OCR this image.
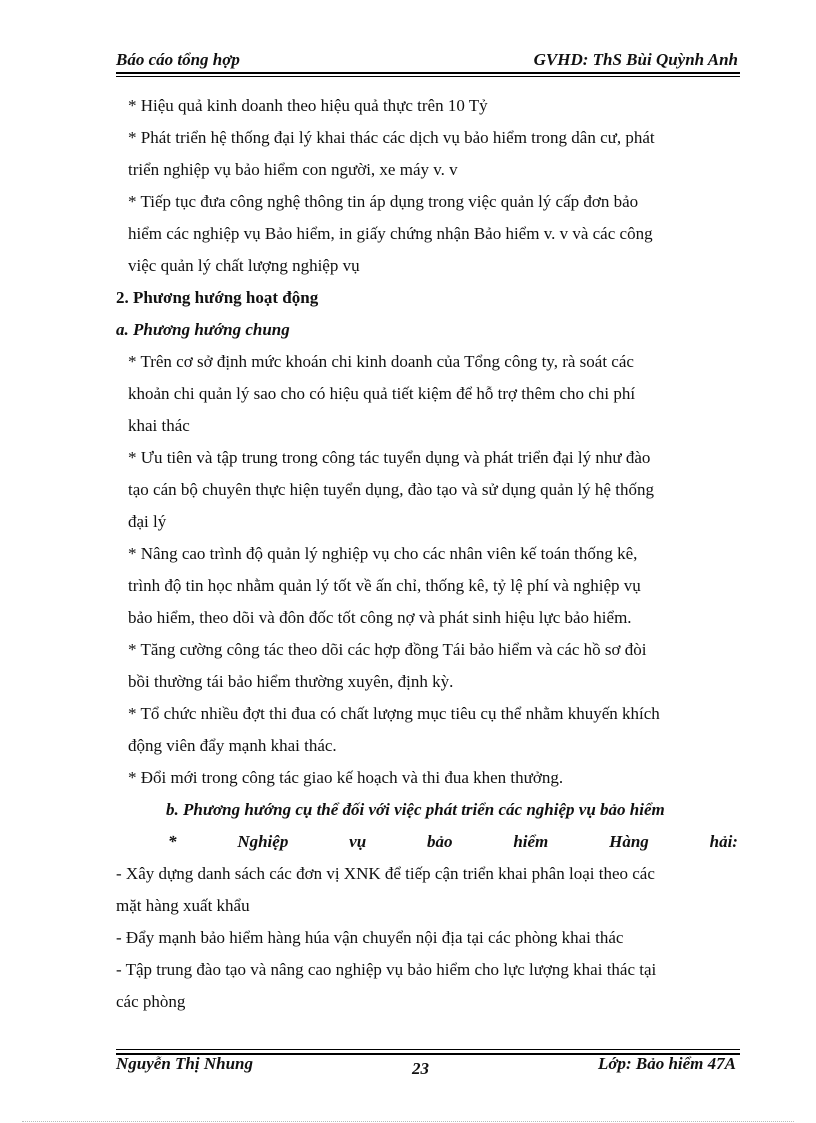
Báo cáo tổng hợp	GVHD: ThS Bùi Quỳnh Anh
* Hiệu quả kinh doanh theo hiệu quả thực trên 10 Tỷ
* Phát triển hệ thống đại lý khai thác các dịch vụ bảo hiểm trong dân cư, phát
triển nghiệp vụ bảo hiểm con người, xe máy v. v
* Tiếp tục đưa công nghệ thông tin áp dụng trong việc quản lý cấp đơn bảo
hiểm các nghiệp vụ Bảo hiểm, in giấy chứng nhận Bảo hiểm v. v và các công
việc quản lý chất lượng nghiệp vụ
2. Phương hướng hoạt động
a. Phương hướng chung
* Trên cơ sở định mức khoán chi kinh doanh của Tổng công ty, rà soát các
khoản chi quản lý sao cho có hiệu quả tiết kiệm để hỗ trợ thêm cho chi phí
khai thác
* Ưu tiên và tập trung trong công tác tuyển dụng và phát triển đại lý như đào
tạo cán bộ chuyên thực hiện tuyển dụng, đào tạo và sử dụng quản lý hệ thống
đại lý
* Nâng cao trình độ quản lý nghiệp vụ cho các nhân viên kế toán thống kê,
trình độ tin học nhằm quản lý tốt về ấn chỉ, thống kê, tỷ lệ phí và nghiệp vụ
bảo hiểm, theo dõi và đôn đốc tốt công nợ và phát sinh hiệu lực bảo hiểm.
* Tăng cường công tác theo dõi các hợp đồng Tái bảo hiểm và các hồ sơ đòi
bồi thường tái bảo hiểm thường xuyên, định kỳ.
* Tổ chức nhiều đợt thi đua có chất lượng mục tiêu cụ thể nhằm khuyến khích
động viên đẩy mạnh khai thác.
* Đổi mới trong công tác giao kế hoạch và thi đua khen thưởng.
b. Phương hướng cụ thể đối với việc phát triển các nghiệp vụ bảo hiểm
*	Nghiệp	vụ	bảo	hiểm	Hàng	hải:
- Xây dựng danh sách các đơn vị XNK để tiếp cận triển khai phân loại theo các
mặt hàng xuất khẩu
- Đẩy mạnh bảo hiểm hàng húa vận chuyển nội địa tại các phòng khai thác
- Tập trung đào tạo và nâng cao nghiệp vụ bảo hiểm cho lực lượng khai thác tại
các phòng
Nguyễn Thị Nhung	23	Lớp: Bảo hiểm 47A
